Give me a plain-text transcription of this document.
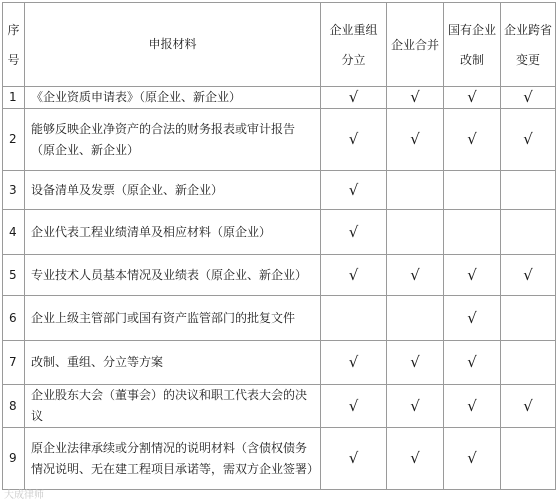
序号	申报材料	企业重组分立	企业合并	国有企业改制	企业跨省变更
1	《企业资质申请表》（原企业、新企业）	√	√	√	√
2	能够反映企业净资产的合法的财务报表或审计报告（原企业、新企业）	√	√	√	√
3	设备清单及发票（原企业、新企业）	√			
4	企业代表工程业绩清单及相应材料（原企业）	√			
5	专业技术人员基本情况及业绩表（原企业、新企业）	√	√	√	√
6	企业上级主管部门或国有资产监管部门的批复文件			√	
7	改制、重组、分立等方案	√	√	√	
8	企业股东大会（董事会）的决议和职工代表大会的决议	√	√	√	√
9	原企业法律承续或分割情况的说明材料（含债权债务情况说明、无在建工程项目承诺等，需双方企业签署）	√	√	√	
大成律师
